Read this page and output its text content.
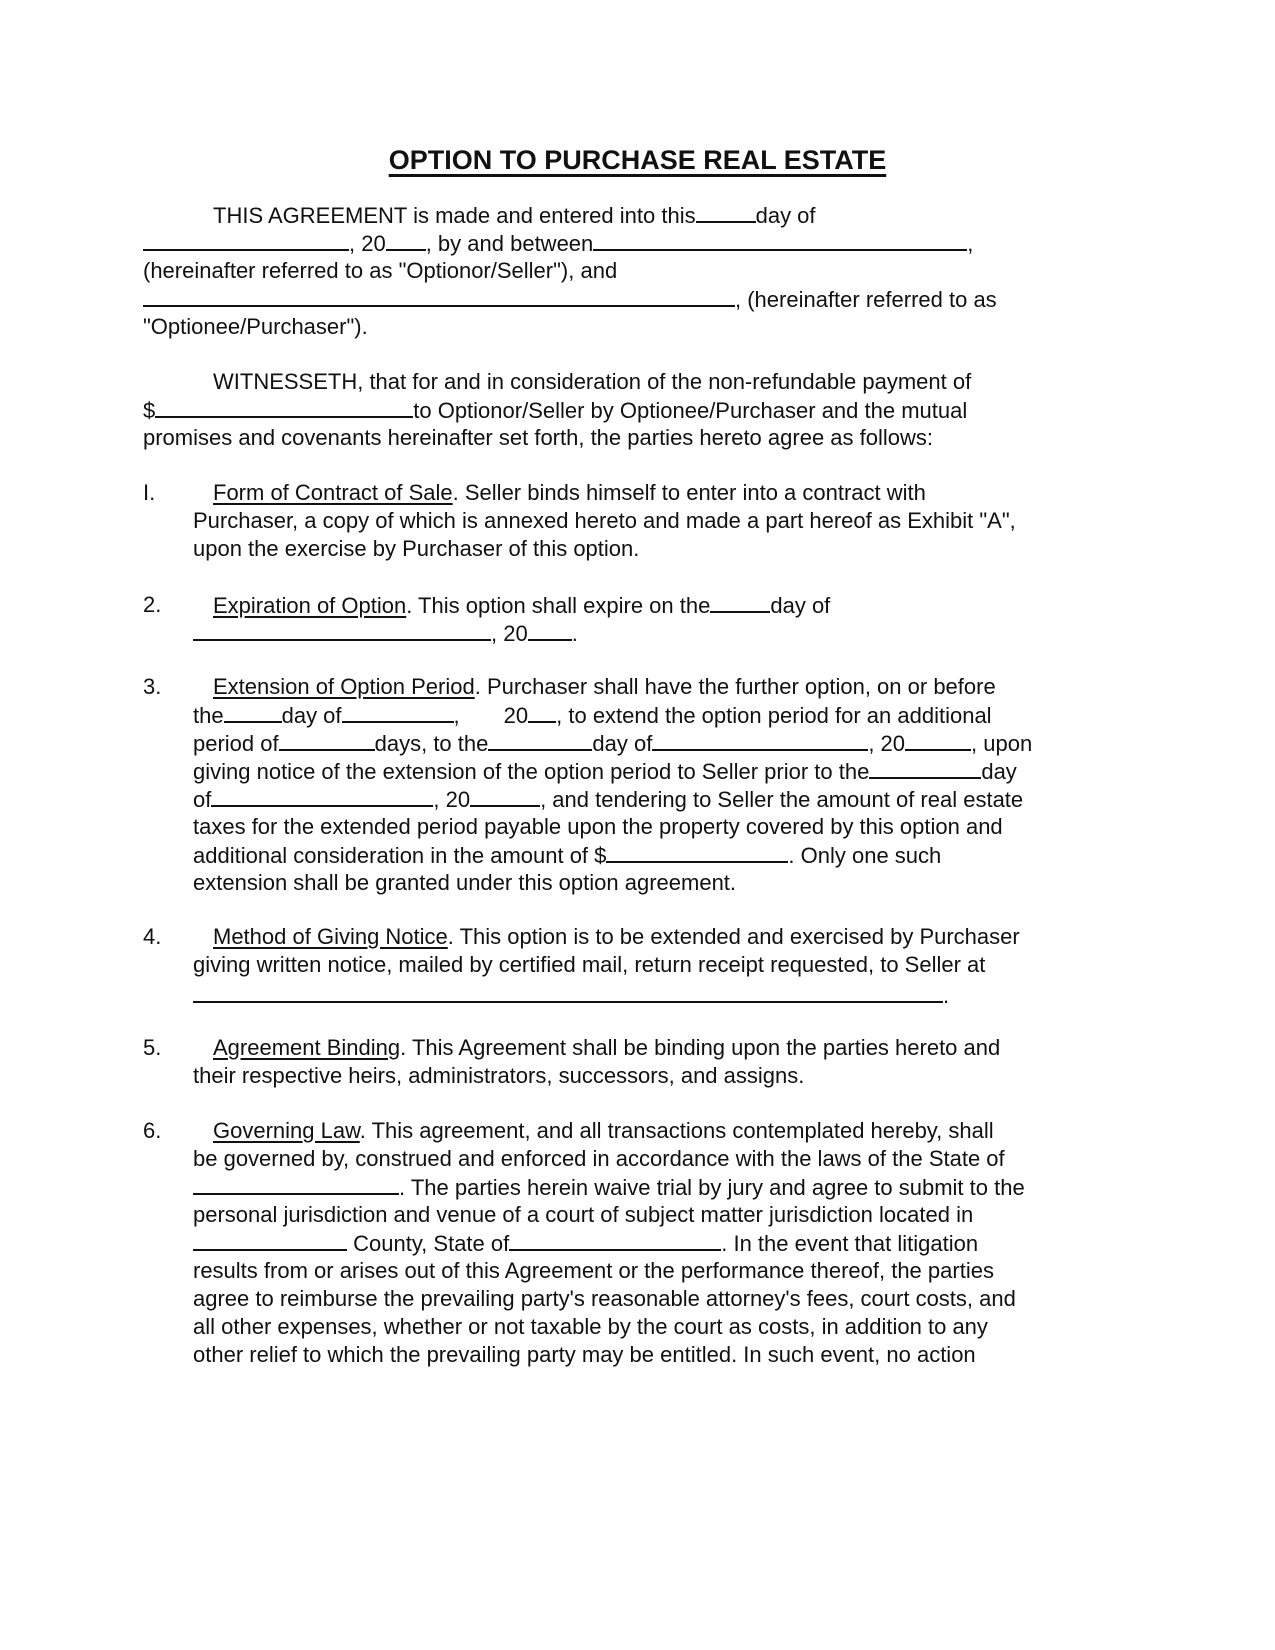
OPTION TO PURCHASE REAL ESTATE
THIS AGREEMENT is made and entered into this	day of
, 20 , by and between	,
(hereinafter referred to as "Optionor/Seller"), and
, (hereinafter referred to as
"Optionee/Purchaser").
WITNESSETH, that for and in consideration of the non-refundable payment of
$	to Optionor/Seller by Optionee/Purchaser and the mutual
promises and covenants hereinafter set forth, the parties hereto agree as follows:
I.	Form of Contract of Sale. Seller binds himself to enter into a contract with
Purchaser, a copy of which is annexed hereto and made a part hereof as Exhibit "A",
upon the exercise by Purchaser of this option.
2. Expiration of Option. This option shall expire on the	day of
, 20 .
3. Extension of Option Period. Purchaser shall have the further option, on or before
the	day of	, 20 , to extend the option period for an additional
period of	days, to the	day of	, 20	, upon
giving notice of the extension of the option period to Seller prior to the	day
of	, 20	, and tendering to Seller the amount of real estate
taxes for the extended period payable upon the property covered by this option and
additional consideration in the amount of $	. Only one such
extension shall be granted under this option agreement.
4. Method of Giving Notice. This option is to be extended and exercised by Purchaser
giving written notice, mailed by certified mail, return receipt requested, to Seller at
.
5. Agreement Binding. This Agreement shall be binding upon the parties hereto and
their respective heirs, administrators, successors, and assigns.
6. Governing Law. This agreement, and all transactions contemplated hereby, shall
be governed by, construed and enforced in accordance with the laws of the State of
. The parties herein waive trial by jury and agree to submit to the
personal jurisdiction and venue of a court of subject matter jurisdiction located in
County, State of	. In the event that litigation
results from or arises out of this Agreement or the performance thereof, the parties
agree to reimburse the prevailing party's reasonable attorney's fees, court costs, and
all other expenses, whether or not taxable by the court as costs, in addition to any
other relief to which the prevailing party may be entitled. In such event, no action
